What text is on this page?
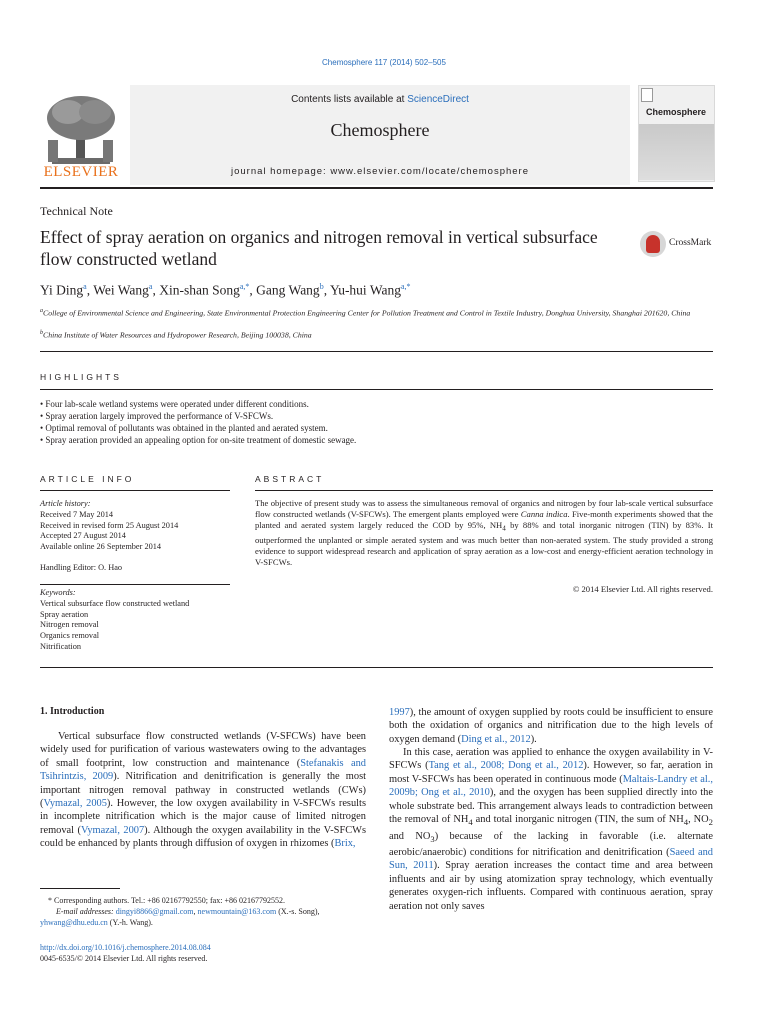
Chemosphere 117 (2014) 502–505
ELSEVIER
Contents lists available at ScienceDirect
Chemosphere
journal homepage: www.elsevier.com/locate/chemosphere
Chemosphere
Technical Note
Effect of spray aeration on organics and nitrogen removal in vertical subsurface flow constructed wetland
CrossMark
Yi Ding$^a$, Wei Wang$^a$, Xin-shan Song$^{a,*}$, Gang Wang$^b$, Yu-hui Wang$^{a,*}$
$^a$College of Environmental Science and Engineering, State Environmental Protection Engineering Center for Pollution Treatment and Control in Textile Industry, Donghua University, Shanghai 201620, China
$^b$China Institute of Water Resources and Hydropower Research, Beijing 100038, China
HIGHLIGHTS
• Four lab-scale wetland systems were operated under different conditions.
• Spray aeration largely improved the performance of V-SFCWs.
• Optimal removal of pollutants was obtained in the planted and aerated system.
• Spray aeration provided an appealing option for on-site treatment of domestic sewage.
ARTICLE INFO
Article history:
Received 7 May 2014
Received in revised form 25 August 2014
Accepted 27 August 2014
Available online 26 September 2014
Handling Editor: O. Hao
Keywords:
Vertical subsurface flow constructed wetland
Spray aeration
Nitrogen removal
Organics removal
Nitrification
ABSTRACT
The objective of present study was to assess the simultaneous removal of organics and nitrogen by four lab-scale vertical subsurface flow constructed wetlands (V-SFCWs). The emergent plants employed were Canna indica. Five-month experiments showed that the planted and aerated system largely reduced the COD by 95%, $NH_4$ by 88% and total inorganic nitrogen (TIN) by 83%. It outperformed the unplanted or simple aerated system and was much better than non-aerated system. The study provided a strong evidence to support widespread research and application of spray aeration as a low-cost and energy-efficient aeration technology in V-SFCWs.
© 2014 Elsevier Ltd. All rights reserved.
1. Introduction
Vertical subsurface flow constructed wetlands (V-SFCWs) have been widely used for purification of various wastewaters owing to the advantages of small footprint, low construction and maintenance (Stefanakis and Tsihrintzis, 2009). Nitrification and denitrification is generally the most important nitrogen removal pathway in constructed wetlands (CWs) (Vymazal, 2005). However, the low oxygen availability in V-SFCWs results in incomplete nitrification which is the major cause of limited nitrogen removal (Vymazal, 2007). Although the oxygen availability in the V-SFCWs could be enhanced by plants through diffusion of oxygen in rhizomes (Brix,
1997), the amount of oxygen supplied by roots could be insufficient to ensure both the oxidation of organics and nitrification due to the high levels of oxygen demand (Ding et al., 2012).
In this case, aeration was applied to enhance the oxygen availability in V-SFCWs (Tang et al., 2008; Dong et al., 2012). However, so far, aeration in most V-SFCWs has been operated in continuous mode (Maltais-Landry et al., 2009b; Ong et al., 2010), and the oxygen has been supplied directly into the whole substrate bed. This arrangement always leads to contradiction between the removal of $NH_4$ and total inorganic nitrogen (TIN, the sum of $NH_4$, $NO_2$ and $NO_3$) because of the lacking in favorable (i.e. alternate aerobic/anaerobic) conditions for nitrification and denitrification (Saeed and Sun, 2011). Spray aeration increases the contact time and area between influents and air by using atomization spray technology, which eventually generates oxygen-rich influents. Compared with continuous aeration, spray aeration not only saves
* Corresponding authors. Tel.: +86 02167792550; fax: +86 02167792552.
E-mail addresses: dingyi8866@gmail.com, newmountain@163.com (X.-s. Song),
yhwang@dhu.edu.cn (Y.-h. Wang).
http://dx.doi.org/10.1016/j.chemosphere.2014.08.084
0045-6535/© 2014 Elsevier Ltd. All rights reserved.
